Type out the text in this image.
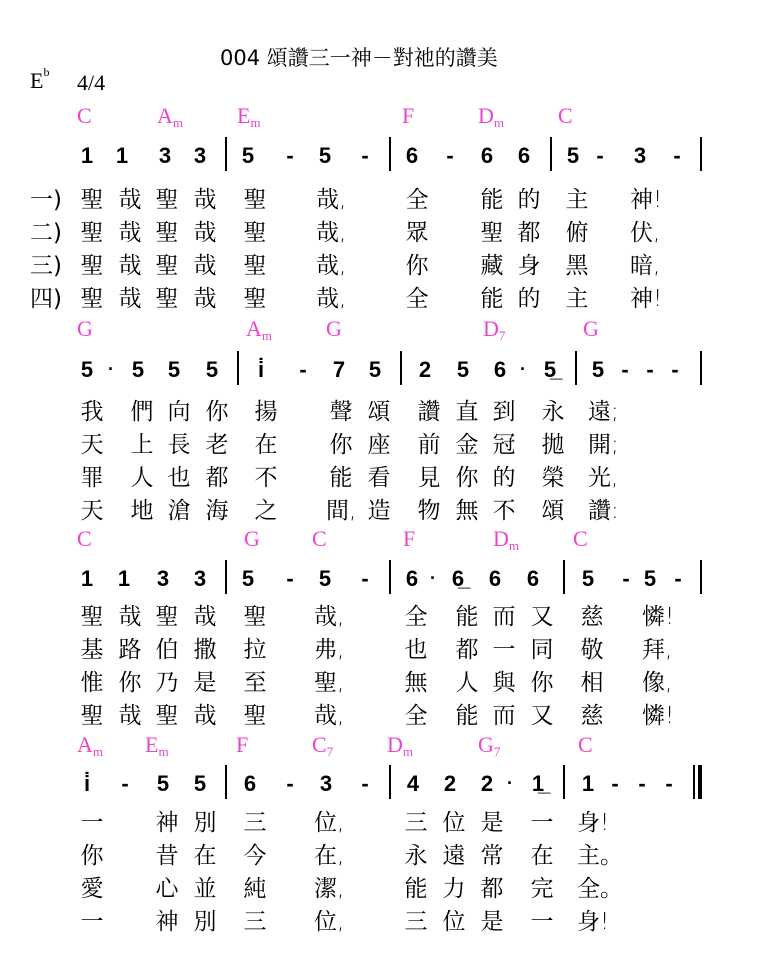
004 頌讚三一神－對祂的讚美
$E^b$ 4/4
C	$A_m$ $E_m$	F	$D_m$ C
1 1 3 3 5 - 5 - 6 - 6 6 5 - 3 -
一) 聖 哉 聖 哉 聖 哉,	全 能 的 主 神!
二) 聖 哉 聖 哉 聖 哉,	眾 聖 都 俯 伏,
三) 聖 哉 聖 哉 聖 哉,	你 藏 身 黑 暗,
四) 聖 哉 聖 哉 聖 哉,	全 能 的 主 神!
G	$A_m$ G	$D_7$	G
5 · 5 5 5	i̇	- 7 5 2 5 6 · 5̲ 5 - - -
我 們 向 你 揚 聲 頌 讚 直 到 永 遠;
天 上 長 老 在 你 座 前 金 冠 拋 開;
罪 人 也 都 不 能 看 見 你 的 榮 光,
天 地 滄 海 之 間, 造 物 無 不 頌 讚:
C	G C	F	$D_m$ C
1 1 3 3 5 - 5 - 6 · 6̲ 6 6 5 - 5 -
聖 哉 聖 哉 聖 哉,	全 能 而 又 慈 憐!
基 路 伯 撒 拉 弗,	也 都 一 同 敬 拜,
惟 你 乃 是 至 聖,	無 人 與 你 相 像,
聖 哉 聖 哉 聖 哉,	全 能 而 又 慈 憐!
$A_m$ $E_m$	F	$C_7$ $D_m$	$G_7$	C
i̇	- 5 5 6 - 3 - 4 2 2 · 1̲ 1 - - -
一 神 別 三 位,	三 位 是 一 身!
你 昔 在 今 在,	永 遠 常 在 主。
愛 心 並 純 潔,	能 力 都 完 全。
一 神 別 三 位,	三 位 是 一 身!
